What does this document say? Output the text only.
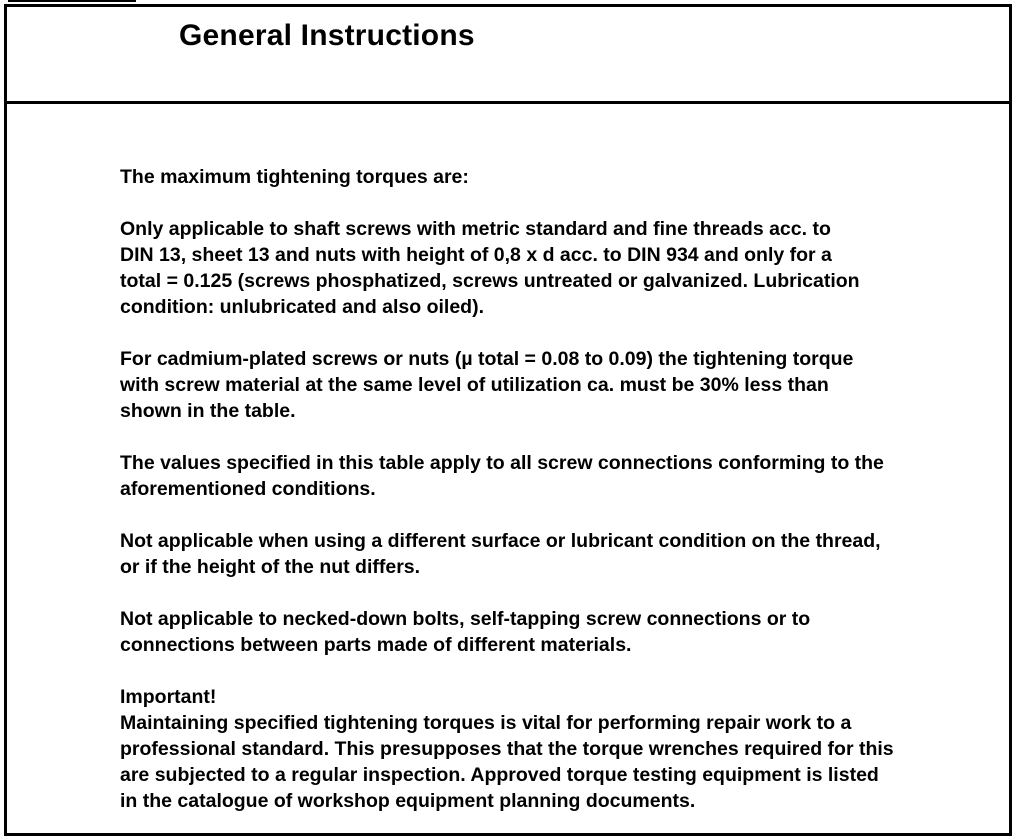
General Instructions

The maximum tightening torques are:

Only applicable to shaft screws with metric standard and fine threads acc. to
DIN 13, sheet 13 and nuts with height of 0,8 x d acc. to DIN 934 and only for a
total = 0.125 (screws phosphatized, screws untreated or galvanized. Lubrication
condition: unlubricated and also oiled).

For cadmium-plated screws or nuts (µ total = 0.08 to 0.09) the tightening torque
with screw material at the same level of utilization ca. must be 30% less than
shown in the table.

The values specified in this table apply to all screw connections conforming to the
aforementioned conditions.

Not applicable when using a different surface or lubricant condition on the thread,
or if the height of the nut differs.

Not applicable to necked-down bolts, self-tapping screw connections or to
connections between parts made of different materials.

Important!
Maintaining specified tightening torques is vital for performing repair work to a
professional standard. This presupposes that the torque wrenches required for this
are subjected to a regular inspection. Approved torque testing equipment is listed
in the catalogue of workshop equipment planning documents.
